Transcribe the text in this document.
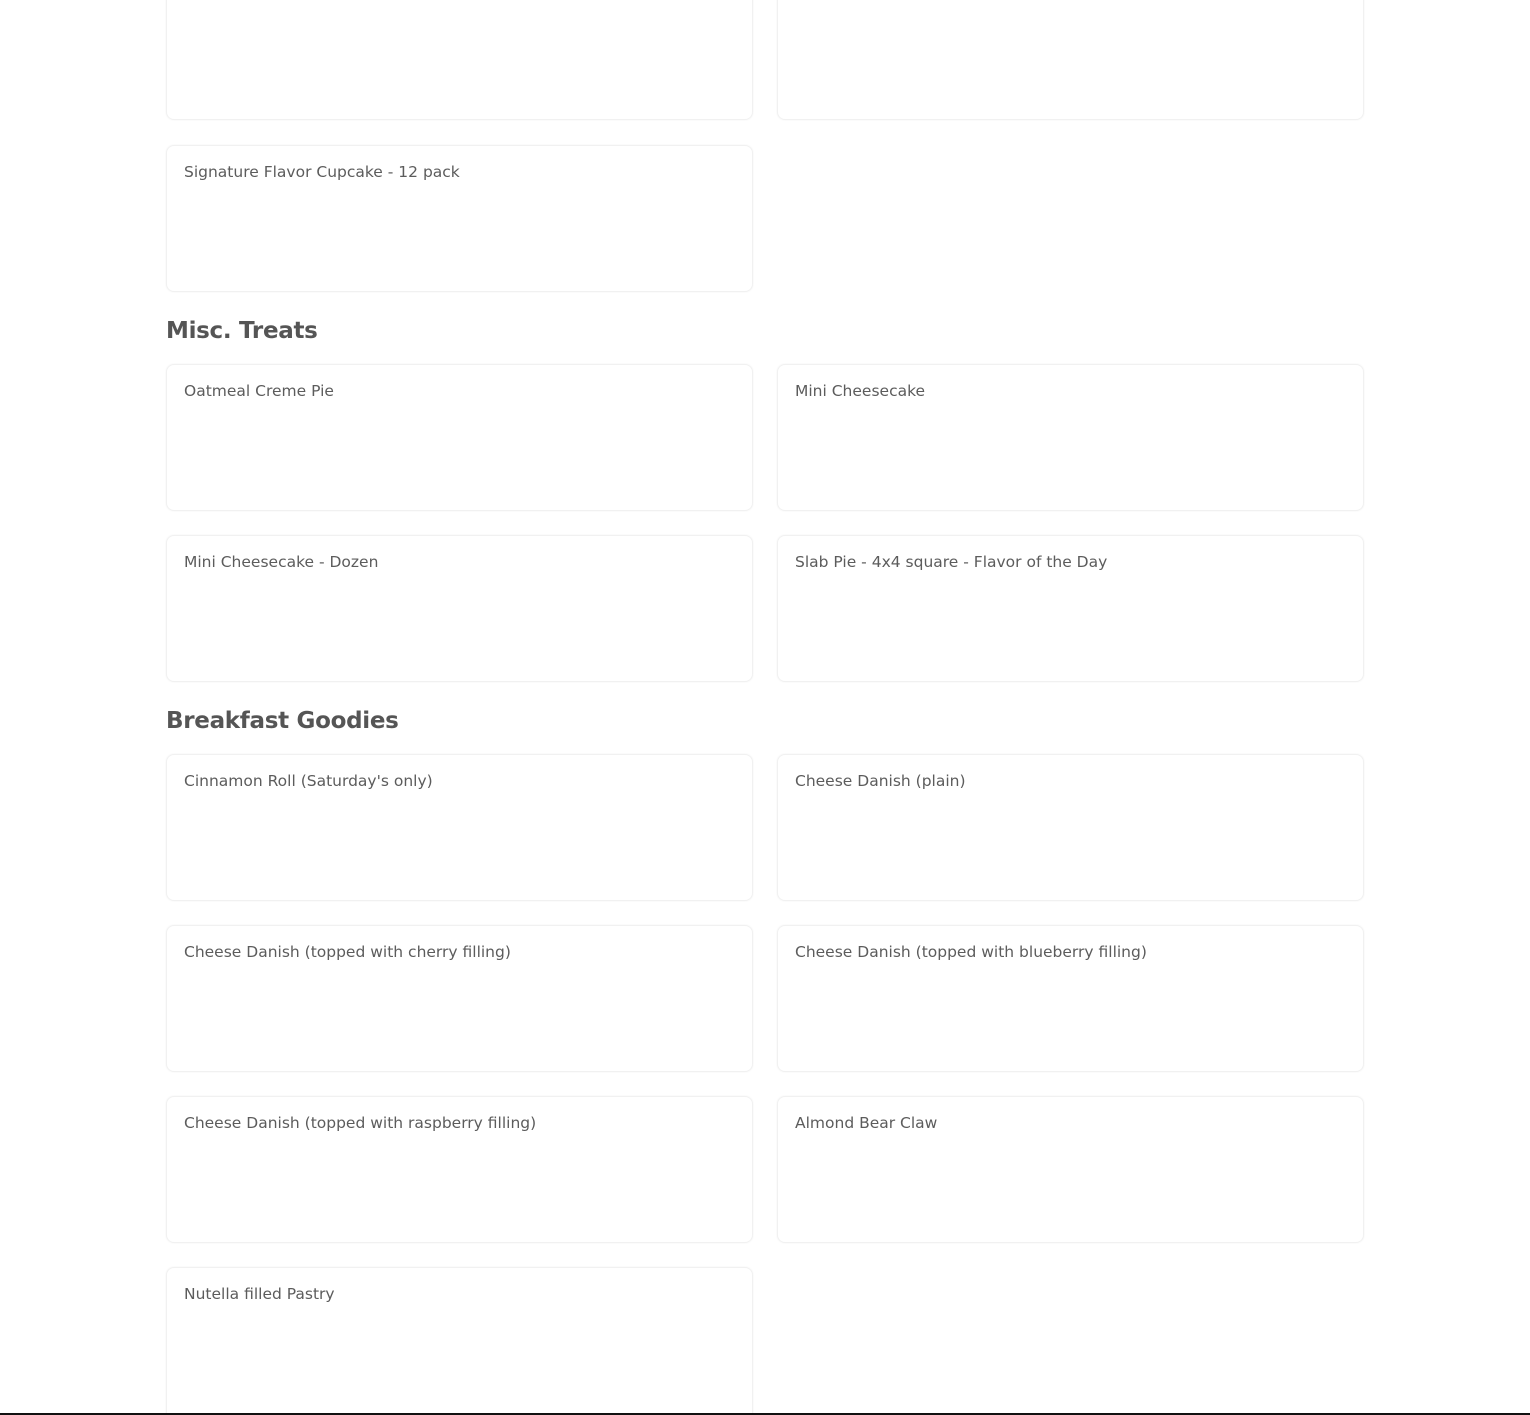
Signature Flavor Cupcake - 12 pack
Misc. Treats
Oatmeal Creme Pie	Mini Cheesecake
Mini Cheesecake - Dozen	Slab Pie - 4x4 square - Flavor of the Day
Breakfast Goodies
Cinnamon Roll (Saturday's only)	Cheese Danish (plain)
Cheese Danish (topped with cherry filling)	Cheese Danish (topped with blueberry filling)
Cheese Danish (topped with raspberry filling)	Almond Bear Claw
Nutella filled Pastry
